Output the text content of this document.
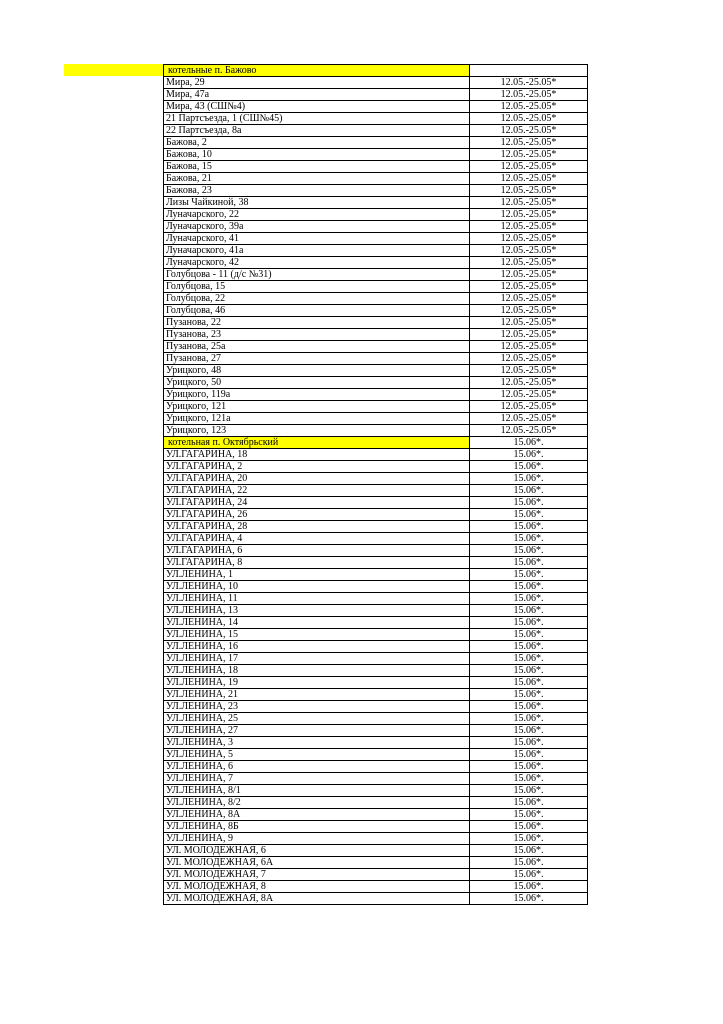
котельные п. Бажово	
Мира, 29	12.05.-25.05*
Мира, 47а	12.05.-25.05*
Мира, 43 (СШ№4)	12.05.-25.05*
21 Партсъезда, 1 (СШ№45)	12.05.-25.05*
22 Партсъезда, 8а	12.05.-25.05*
Бажова, 2	12.05.-25.05*
Бажова, 10	12.05.-25.05*
Бажова, 15	12.05.-25.05*
Бажова, 21	12.05.-25.05*
Бажова, 23	12.05.-25.05*
Лизы Чайкиной, 38	12.05.-25.05*
Луначарского, 22	12.05.-25.05*
Луначарского, 39а	12.05.-25.05*
Луначарского, 41	12.05.-25.05*
Луначарского, 41а	12.05.-25.05*
Луначарского, 42	12.05.-25.05*
Голубцова - 11 (д/с №31)	12.05.-25.05*
Голубцова, 15	12.05.-25.05*
Голубцова, 22	12.05.-25.05*
Голубцова, 46	12.05.-25.05*
Пузанова, 22	12.05.-25.05*
Пузанова, 23	12.05.-25.05*
Пузанова, 25а	12.05.-25.05*
Пузанова, 27	12.05.-25.05*
Урицкого, 48	12.05.-25.05*
Урицкого, 50	12.05.-25.05*
Урицкого, 119а	12.05.-25.05*
Урицкого, 121	12.05.-25.05*
Урицкого, 121а	12.05.-25.05*
Урицкого, 123	12.05.-25.05*
котельная п. Октябрьский	15.06*.
УЛ.ГАГАРИНА, 18	15.06*.
УЛ.ГАГАРИНА, 2	15.06*.
УЛ.ГАГАРИНА, 20	15.06*.
УЛ.ГАГАРИНА, 22	15.06*.
УЛ.ГАГАРИНА, 24	15.06*.
УЛ.ГАГАРИНА, 26	15.06*.
УЛ.ГАГАРИНА, 28	15.06*.
УЛ.ГАГАРИНА, 4	15.06*.
УЛ.ГАГАРИНА, 6	15.06*.
УЛ.ГАГАРИНА, 8	15.06*.
УЛ.ЛЕНИНА, 1	15.06*.
УЛ.ЛЕНИНА, 10	15.06*.
УЛ.ЛЕНИНА, 11	15.06*.
УЛ.ЛЕНИНА, 13	15.06*.
УЛ.ЛЕНИНА, 14	15.06*.
УЛ.ЛЕНИНА, 15	15.06*.
УЛ.ЛЕНИНА, 16	15.06*.
УЛ.ЛЕНИНА, 17	15.06*.
УЛ.ЛЕНИНА, 18	15.06*.
УЛ.ЛЕНИНА, 19	15.06*.
УЛ.ЛЕНИНА, 21	15.06*.
УЛ.ЛЕНИНА, 23	15.06*.
УЛ.ЛЕНИНА, 25	15.06*.
УЛ.ЛЕНИНА, 27	15.06*.
УЛ.ЛЕНИНА, 3	15.06*.
УЛ.ЛЕНИНА, 5	15.06*.
УЛ.ЛЕНИНА, 6	15.06*.
УЛ.ЛЕНИНА, 7	15.06*.
УЛ.ЛЕНИНА, 8/1	15.06*.
УЛ.ЛЕНИНА, 8/2	15.06*.
УЛ.ЛЕНИНА, 8А	15.06*.
УЛ.ЛЕНИНА, 8Б	15.06*.
УЛ.ЛЕНИНА, 9	15.06*.
УЛ. МОЛОДЕЖНАЯ, 6	15.06*.
УЛ. МОЛОДЕЖНАЯ, 6А	15.06*.
УЛ. МОЛОДЕЖНАЯ, 7	15.06*.
УЛ. МОЛОДЕЖНАЯ, 8	15.06*.
УЛ. МОЛОДЕЖНАЯ, 8А	15.06*.
